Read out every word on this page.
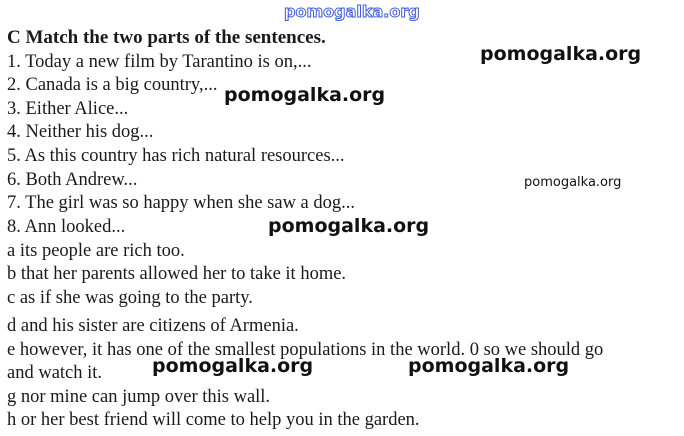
pomogalka.org
C Match the two parts of the sentences.
1. Today a new film by Tarantino is on,...
2. Canada is a big country,...
3. Either Alice...
4. Neither his dog...
5. As this country has rich natural resources...
6. Both Andrew...
7. The girl was so happy when she saw a dog...
8. Ann looked...
a its people are rich too.
b that her parents allowed her to take it home.
c as if she was going to the party.
d and his sister are citizens of Armenia.
e however, it has one of the smallest populations in the world. 0 so we should go
and watch it.
g nor mine can jump over this wall.
h or her best friend will come to help you in the garden.
pomogalka.org
pomogalka.org
pomogalka.org
pomogalka.org
pomogalka.org	pomogalka.org
